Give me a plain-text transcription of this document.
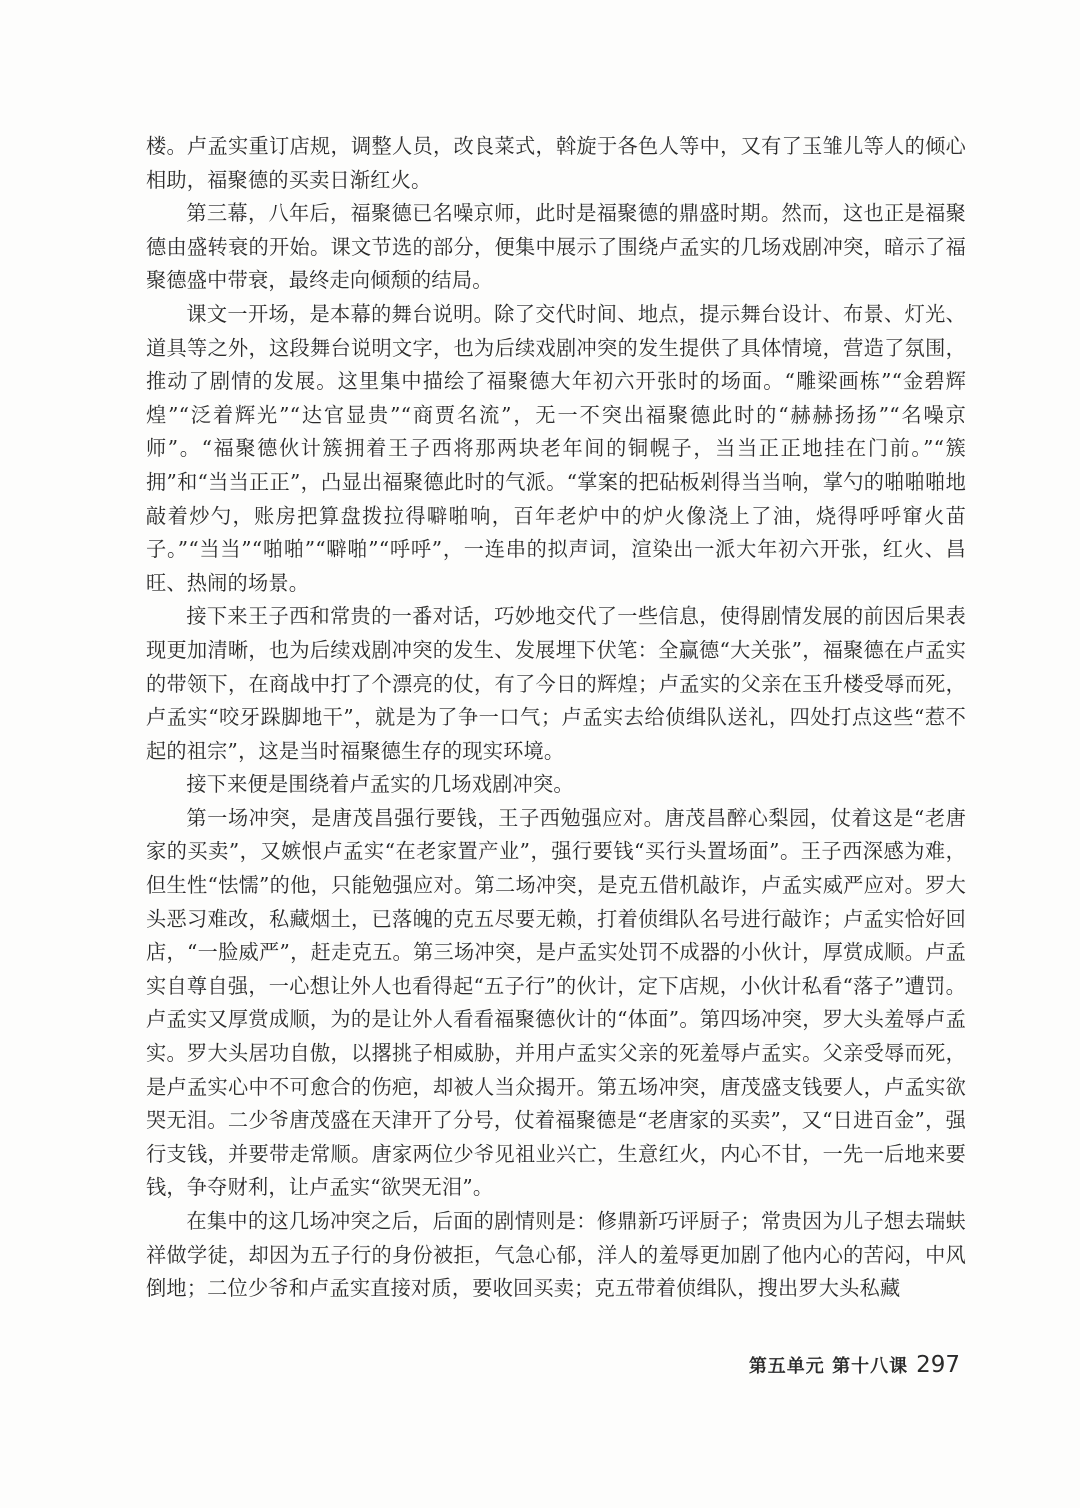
楼。卢孟实重订店规，调整人员，改良菜式，斡旋于各色人等中，又有了玉雏儿等人的倾心相助，福聚德的买卖日渐红火。

第三幕，八年后，福聚德已名噪京师，此时是福聚德的鼎盛时期。然而，这也正是福聚德由盛转衰的开始。课文节选的部分，便集中展示了围绕卢孟实的几场戏剧冲突，暗示了福聚德盛中带衰，最终走向倾颓的结局。

课文一开场，是本幕的舞台说明。除了交代时间、地点，提示舞台设计、布景、灯光、道具等之外，这段舞台说明文字，也为后续戏剧冲突的发生提供了具体情境，营造了氛围，推动了剧情的发展。这里集中描绘了福聚德大年初六开张时的场面。“雕梁画栋”“金碧辉煌”“泛着辉光”“达官显贵”“商贾名流”，无一不突出福聚德此时的“赫赫扬扬”“名噪京师”。“福聚德伙计簇拥着王子西将那两块老年间的铜幌子，当当正正地挂在门前。”“簇拥”和“当当正正”，凸显出福聚德此时的气派。“掌案的把砧板剁得当当响，掌勺的啪啪啪地敲着炒勺，账房把算盘拨拉得噼啪响，百年老炉中的炉火像浇上了油，烧得呼呼窜火苗子。”“当当”“啪啪”“噼啪”“呼呼”，一连串的拟声词，渲染出一派大年初六开张，红火、昌旺、热闹的场景。

接下来王子西和常贵的一番对话，巧妙地交代了一些信息，使得剧情发展的前因后果表现更加清晰，也为后续戏剧冲突的发生、发展埋下伏笔：全赢德“大关张”，福聚德在卢孟实的带领下，在商战中打了个漂亮的仗，有了今日的辉煌；卢孟实的父亲在玉升楼受辱而死，卢孟实“咬牙跺脚地干”，就是为了争一口气；卢孟实去给侦缉队送礼，四处打点这些“惹不起的祖宗”，这是当时福聚德生存的现实环境。

接下来便是围绕着卢孟实的几场戏剧冲突。

第一场冲突，是唐茂昌强行要钱，王子西勉强应对。唐茂昌醉心梨园，仗着这是“老唐家的买卖”，又嫉恨卢孟实“在老家置产业”，强行要钱“买行头置场面”。王子西深感为难，但生性“怯懦”的他，只能勉强应对。第二场冲突，是克五借机敲诈，卢孟实威严应对。罗大头恶习难改，私藏烟土，已落魄的克五尽要无赖，打着侦缉队名号进行敲诈；卢孟实恰好回店，“一脸威严”，赶走克五。第三场冲突，是卢孟实处罚不成器的小伙计，厚赏成顺。卢孟实自尊自强，一心想让外人也看得起“五子行”的伙计，定下店规，小伙计私看“落子”遭罚。卢孟实又厚赏成顺，为的是让外人看看福聚德伙计的“体面”。第四场冲突，罗大头羞辱卢孟实。罗大头居功自傲，以撂挑子相威胁，并用卢孟实父亲的死羞辱卢孟实。父亲受辱而死，是卢孟实心中不可愈合的伤疤，却被人当众揭开。第五场冲突，唐茂盛支钱要人，卢孟实欲哭无泪。二少爷唐茂盛在天津开了分号，仗着福聚德是“老唐家的买卖”，又“日进百金”，强行支钱，并要带走常顺。唐家两位少爷见祖业兴亡，生意红火，内心不甘，一先一后地来要钱，争夺财利，让卢孟实“欲哭无泪”。

在集中的这几场冲突之后，后面的剧情则是：修鼎新巧评厨子；常贵因为儿子想去瑞蚨祥做学徒，却因为五子行的身份被拒，气急心郁，洋人的羞辱更加剧了他内心的苦闷，中风倒地；二位少爷和卢孟实直接对质，要收回买卖；克五带着侦缉队，搜出罗大头私藏

第五单元 第十八课 297
